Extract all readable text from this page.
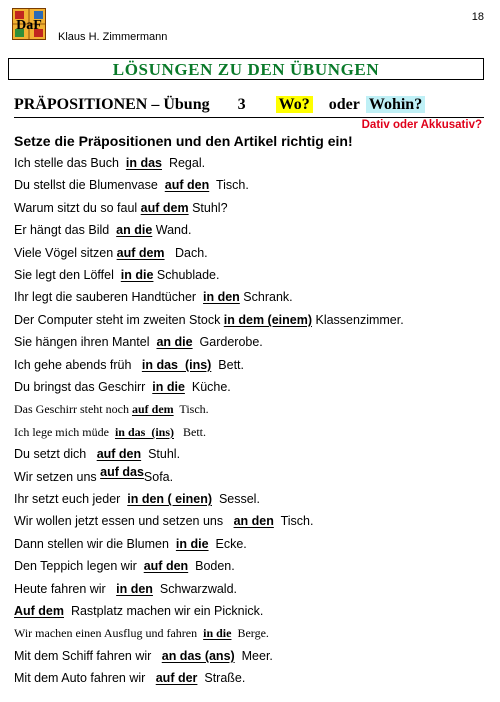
DaF
Klaus H. Zimmermann
18
LÖSUNGEN ZU DEN ÜBUNGEN
PRÄPOSITIONEN – Übung 3 Wo? oder Wohin?
Dativ oder Akkusativ?
Setze die Präpositionen und den Artikel richtig ein!
Ich stelle das Buch  in das  Regal.
Du stellst die Blumenvase  auf den  Tisch.
Warum sitzt du so faul auf dem Stuhl?
Er hängt das Bild  an die Wand.
Viele Vögel sitzen auf dem   Dach.
Sie legt den Löffel  in die Schublade.
Ihr legt die sauberen Handtücher  in den Schrank.
Der Computer steht im zweiten Stock in dem (einem) Klassenzimmer.
Sie hängen ihren Mantel  an die  Garderobe.
Ich gehe abends früh   in das  (ins)  Bett.
Du bringst das Geschirr  in die  Küche.
Das Geschirr steht noch auf dem  Tisch.
Ich lege mich müde  in das  (ins)   Bett.
Du setzt dich   auf den  Stuhl.
Wir setzen uns auf dasSofa.
Ihr setzt euch jeder  in den ( einen)  Sessel.
Wir wollen jetzt essen und setzen uns   an den  Tisch.
Dann stellen wir die Blumen  in die  Ecke.
Den Teppich legen wir  auf den  Boden.
Heute fahren wir   in den  Schwarzwald.
Auf dem  Rastplatz machen wir ein Picknick.
Wir machen einen Ausflug und fahren  in die  Berge.
Mit dem Schiff fahren wir   an das (ans)  Meer.
Mit dem Auto fahren wir   auf der  Straße.
